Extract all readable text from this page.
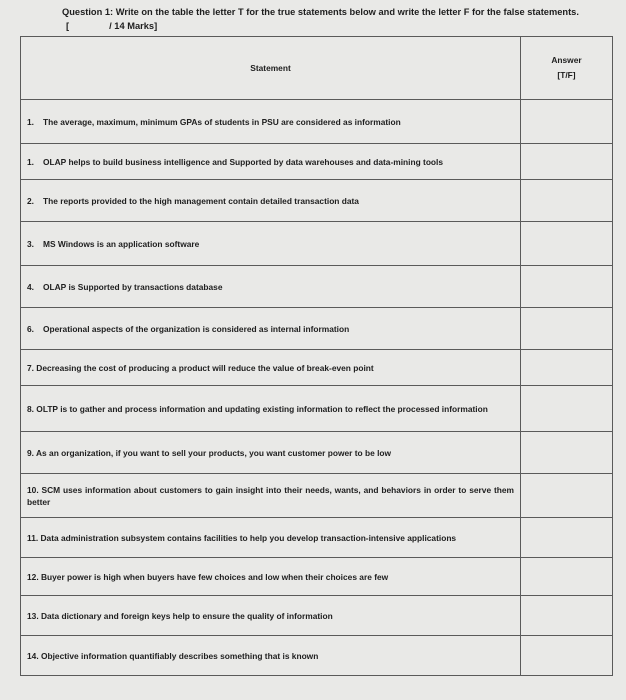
Question 1: Write on the table the letter T for the true statements below and write the letter F for the false statements.
[	/ 14 Marks]
Statement	Answer
[T/F]

1. The average, maximum, minimum GPAs of students in PSU are considered as information	
1. OLAP helps to build business intelligence and Supported by data warehouses and data-mining tools	
2. The reports provided to the high management contain detailed transaction data	
3. MS Windows is an application software	
4. OLAP is Supported by transactions database	
6. Operational aspects of the organization is considered as internal information	
7. Decreasing the cost of producing a product will reduce the value of break-even point	

8. OLTP is to gather and process information and updating existing information to reflect the processed information	

9. As an organization, if you want to sell your products, you want customer power to be low	

10. SCM uses information about customers to gain insight into their needs, wants, and behaviors in order to serve them better	

11. Data administration subsystem contains facilities to help you develop transaction-intensive applications	
12. Buyer power is high when buyers have few choices and low when their choices are few	
13. Data dictionary and foreign keys help to ensure the quality of information	
14. Objective information quantifiably describes something that is known	
